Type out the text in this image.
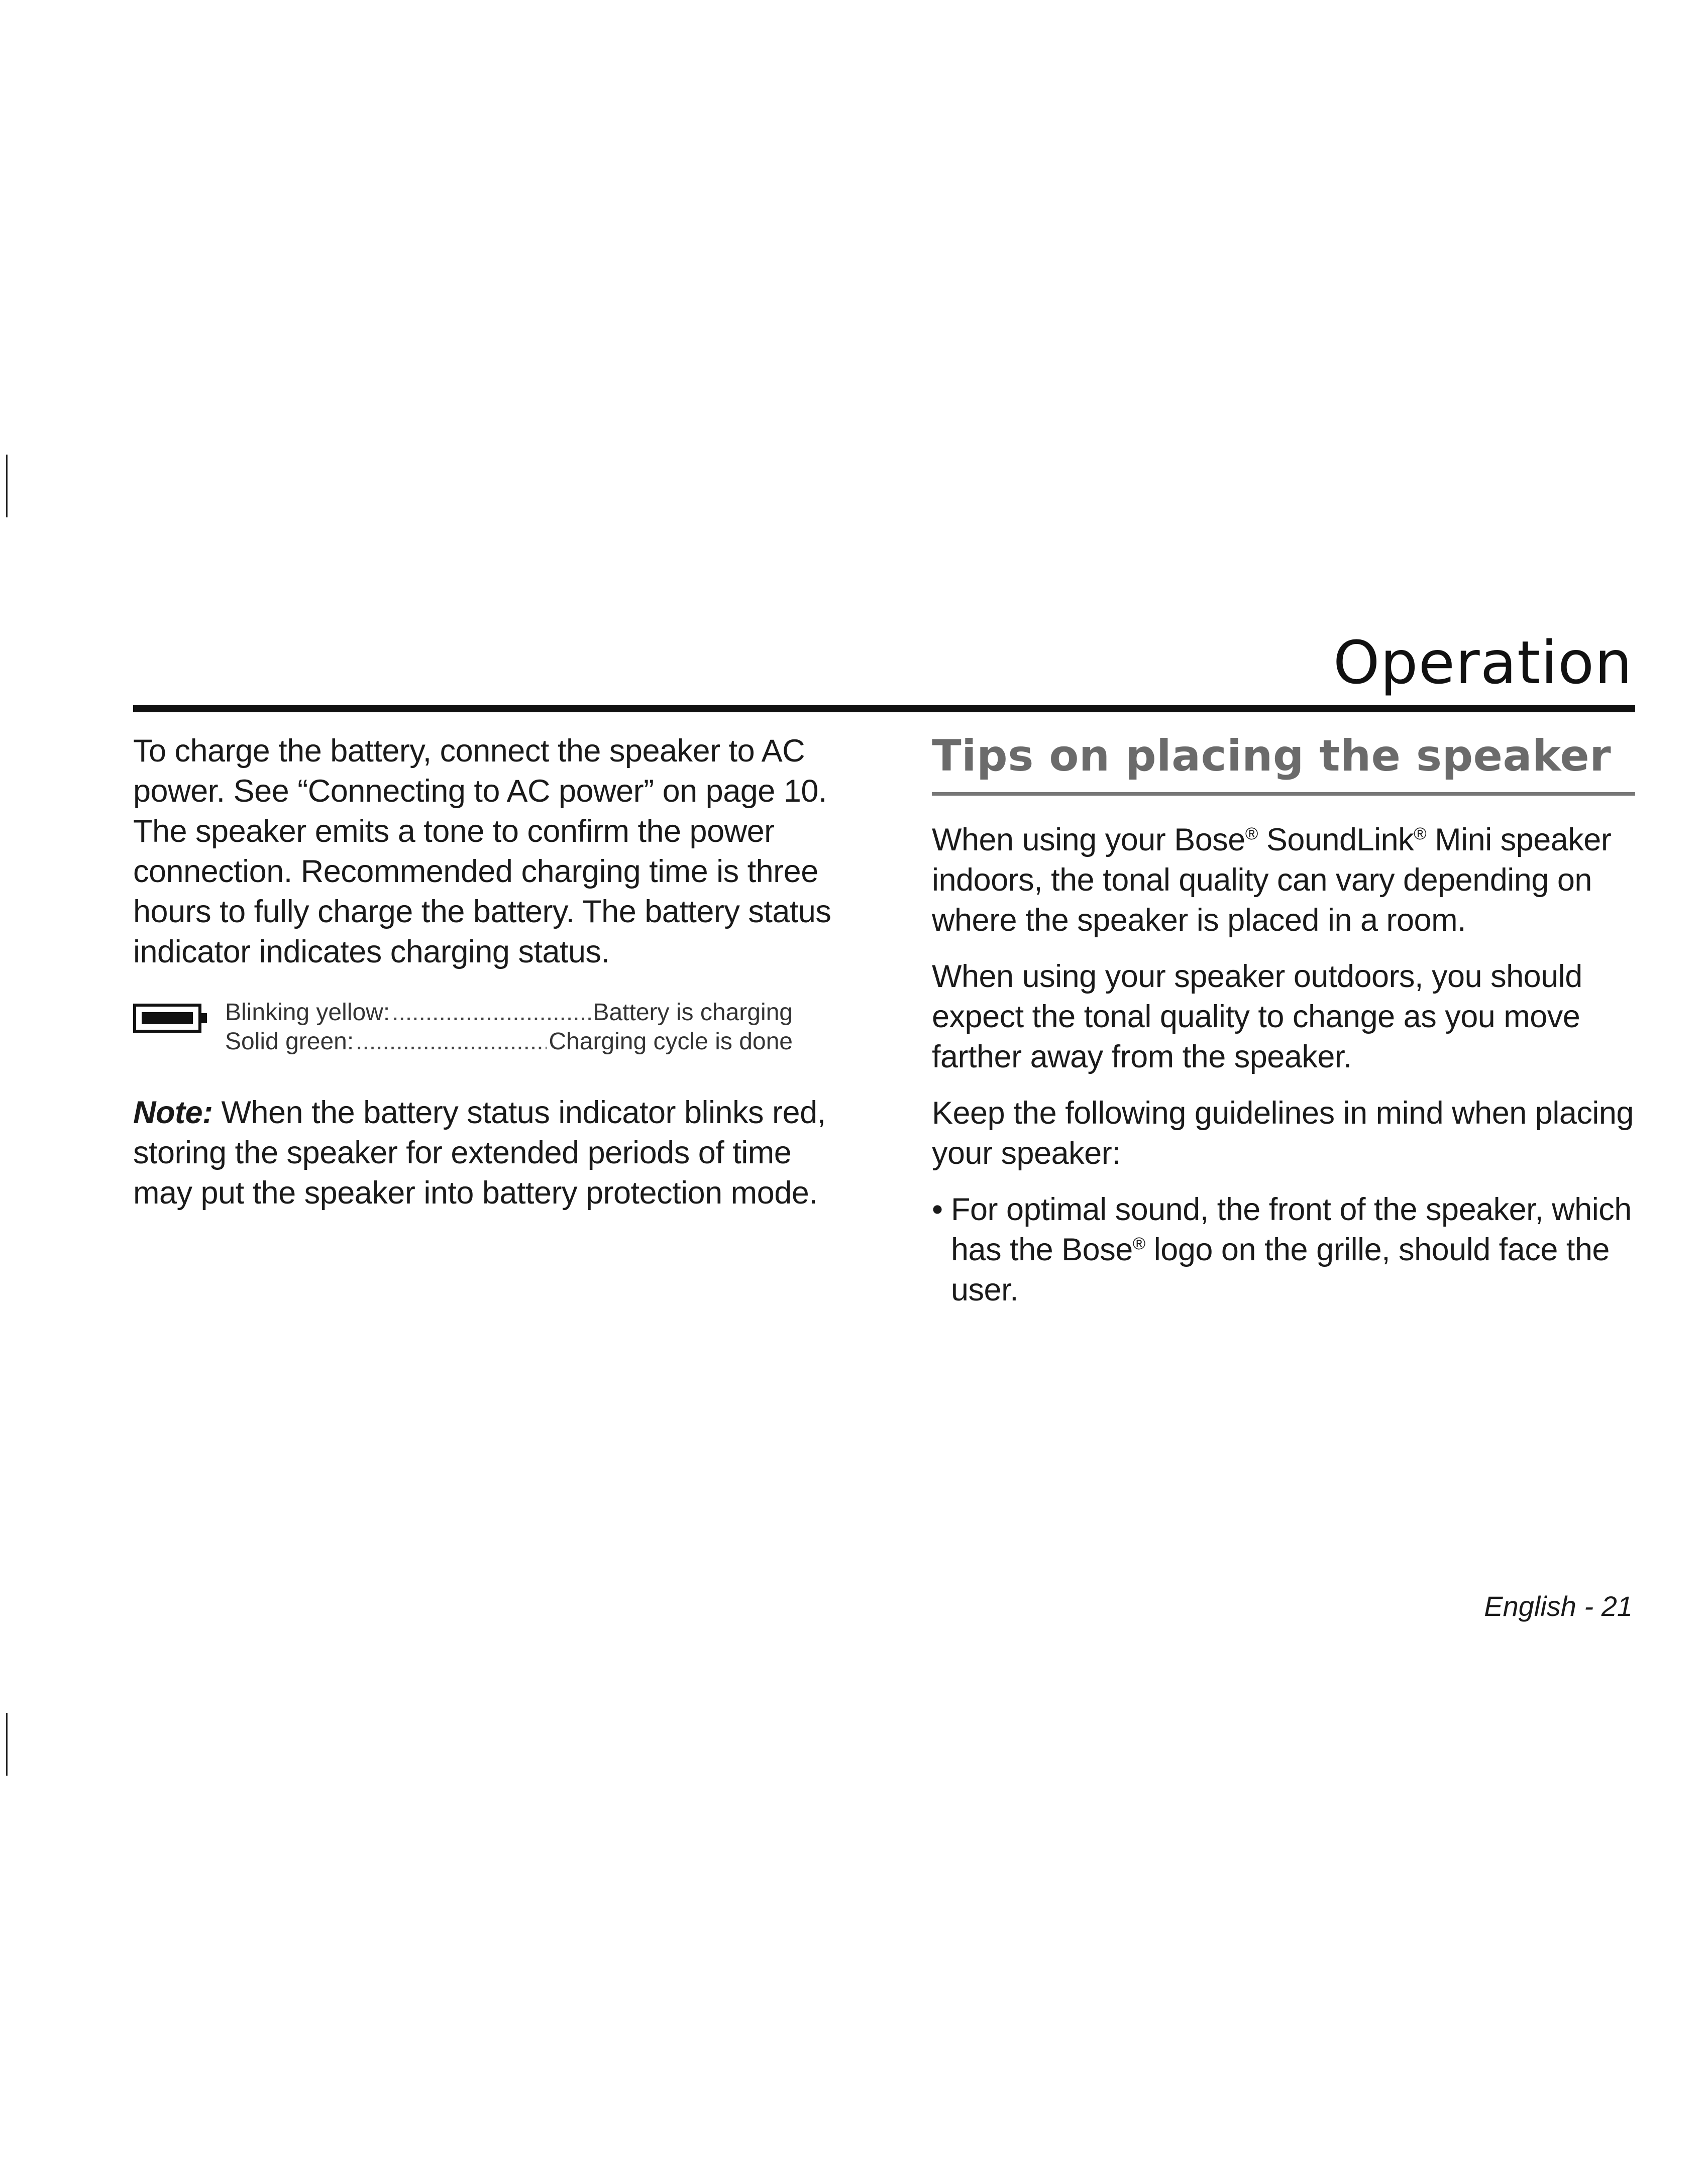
Operation

To charge the battery, connect the speaker to AC power. See “Connecting to AC power” on page 10. The speaker emits a tone to confirm the power connection. Recommended charging time is three hours to fully charge the battery. The battery status indicator indicates charging status.

Blinking yellow: .....	Battery is charging
Solid green: .....	Charging cycle is done

Note: When the battery status indicator blinks red, storing the speaker for extended periods of time may put the speaker into battery protection mode.

Tips on placing the speaker

When using your Bose® SoundLink® Mini speaker indoors, the tonal quality can vary depending on where the speaker is placed in a room.

When using your speaker outdoors, you should expect the tonal quality to change as you move farther away from the speaker.

Keep the following guidelines in mind when placing your speaker:

• For optimal sound, the front of the speaker, which has the Bose® logo on the grille, should face the user.
English - 21
